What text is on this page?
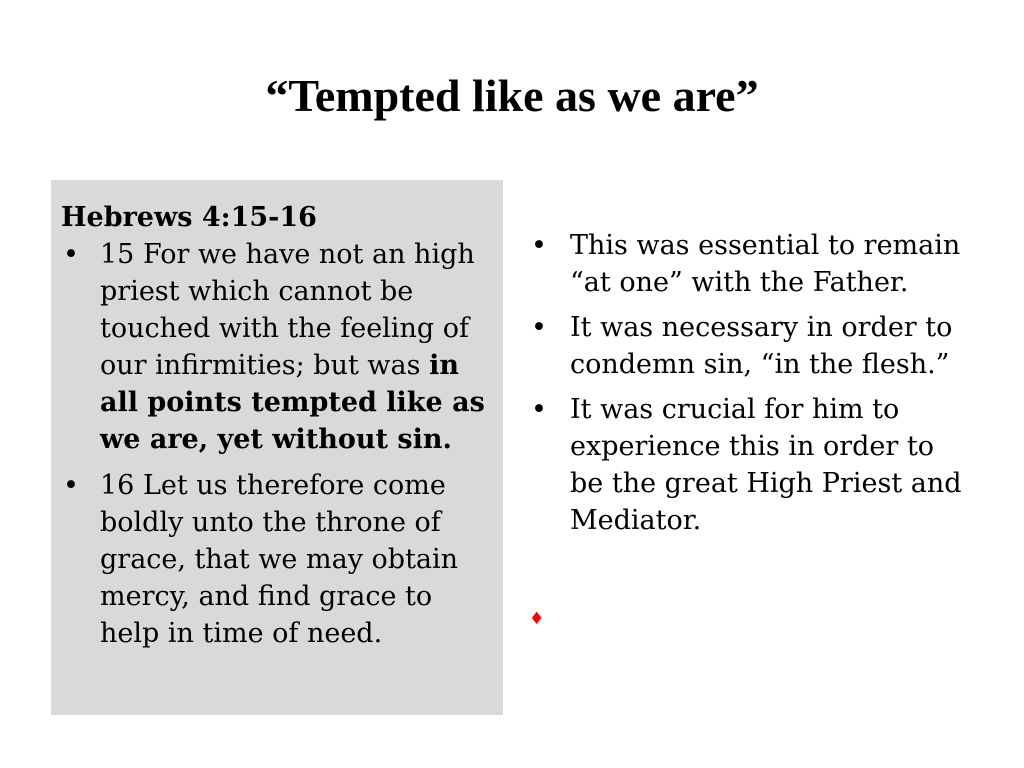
“Tempted like as we are”
Hebrews 4:15-16
• 15 For we have not an high priest which cannot be touched with the feeling of our infirmities; but was in all points tempted like as we are, yet without sin.
• 16 Let us therefore come boldly unto the throne of grace, that we may obtain mercy, and find grace to help in time of need.
• This was essential to remain “at one” with the Father.
• It was necessary in order to condemn sin, “in the flesh.”
• It was crucial for him to experience this in order to be the great High Priest and Mediator.
♦
